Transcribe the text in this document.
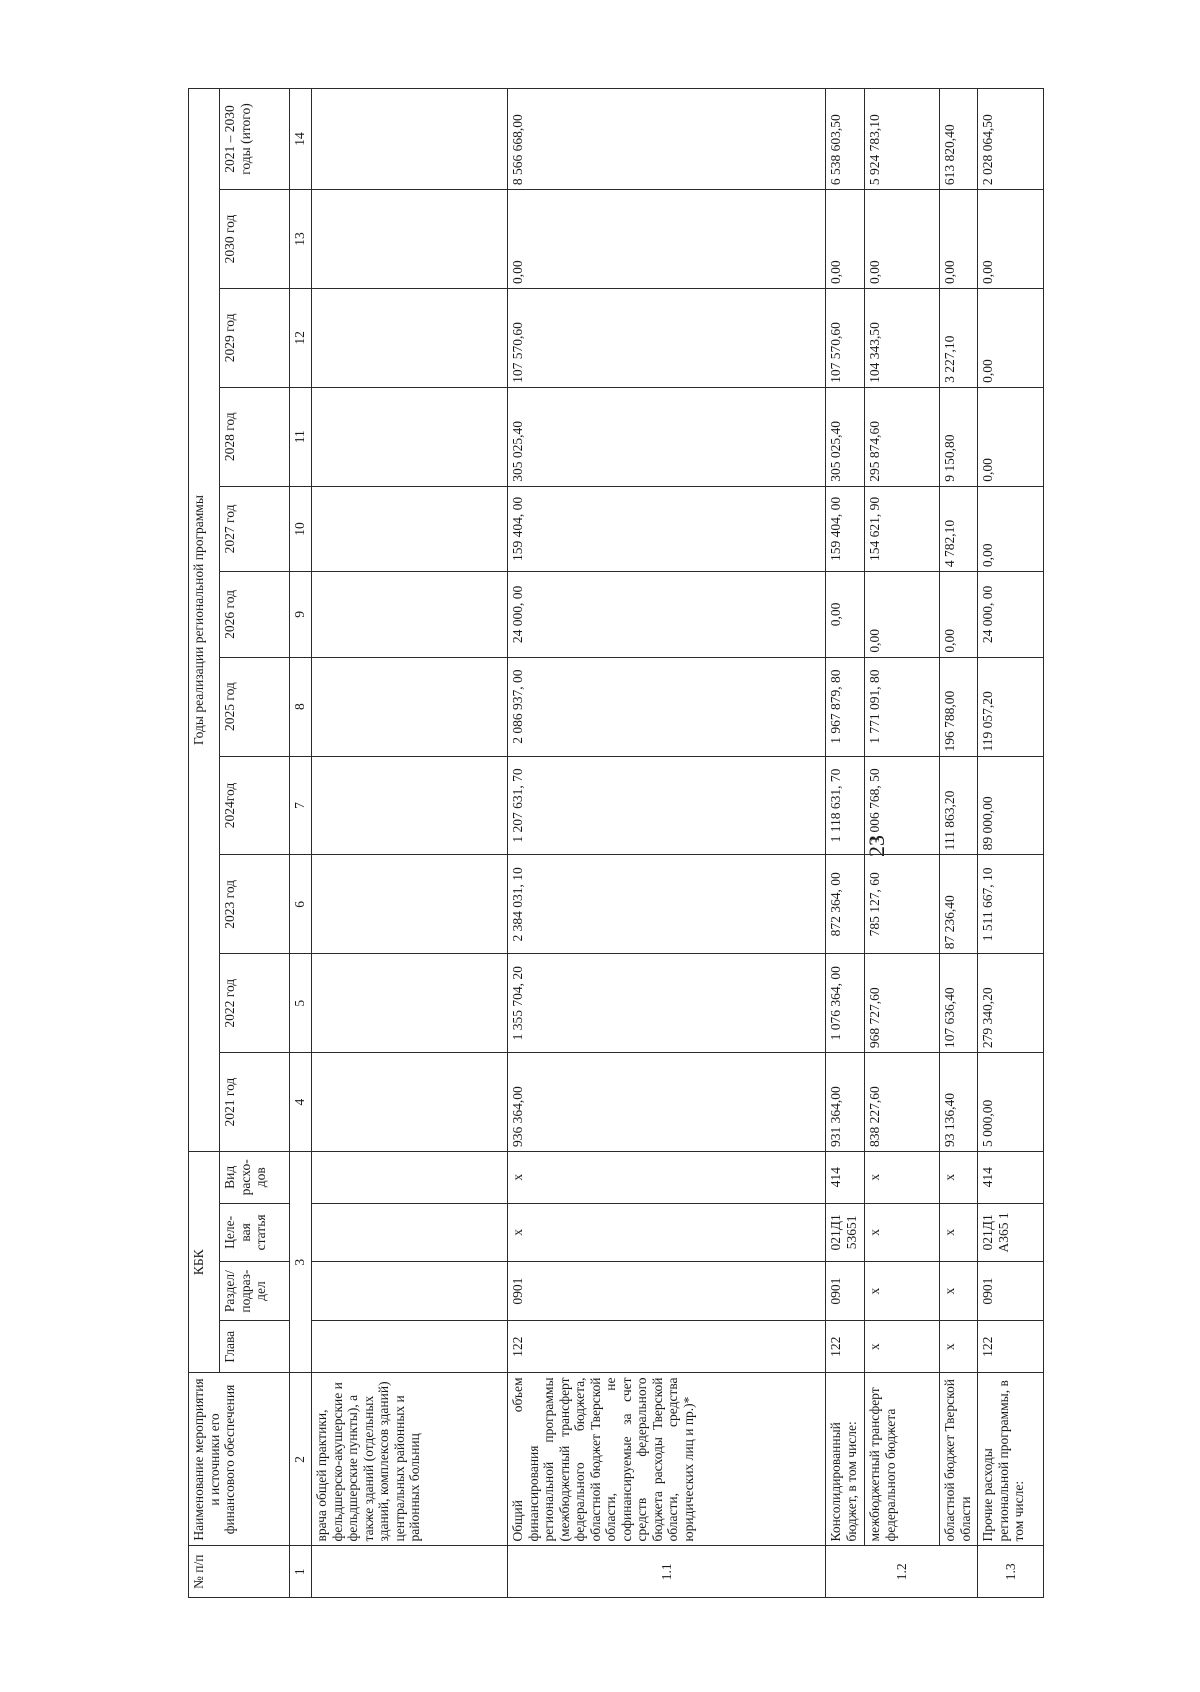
23
№ п/п	Наименование мероприятия и источники его финансового обеспечения	КБК				Годы реализации региональной программы										
		Глава	Раздел/ подраз- дел	Целе- вая статья	Вид расхо- дов	2021 год	2022 год	2023 год	2024год	2025 год	2026 год	2027 год	2028 год	2029 год	2030 год	2021 – 2030 годы (итого)
1	2	3				4	5	6	7	8	9	10	11	12	13	14
	врача общей практики, фельдшерско-акушерские и фельдшерские пункты), а также зданий (отдельных зданий, комплексов зданий) центральных районных и районных больниц															
1.1	Общий объем финансирования региональной программы (межбюджетный трансферт федерального бюджета, областной бюджет Тверской области, не софинансируемые за счет средств федерального бюджета расходы Тверской области, средства юридических лиц и пр.)*	122	0901	x	x	936 364,00	1 355 704, 20	2 384 031, 10	1 207 631, 70	2 086 937, 00	24 000, 00	159 404, 00	305 025,40	107 570,60	0,00	8 566 668,00
1.2	Консолидированный бюджет, в том числе:	122	0901	021Д1 53651	414	931 364,00	1 076 364, 00	872 364, 00	1 118 631, 70	1 967 879, 80	0,00	159 404, 00	305 025,40	107 570,60	0,00	6 538 603,50
	межбюджетный трансферт федерального бюджета	x	x	x	x	838 227,60	968 727,60	785 127, 60	1 006 768, 50	1 771 091, 80	0,00	154 621, 90	295 874,60	104 343,50	0,00	5 924 783,10
	областной бюджет Тверской области	x	x	x	x	93 136,40	107 636,40	87 236,40	111 863,20	196 788,00	0,00	4 782,10	9 150,80	3 227,10	0,00	613 820,40
1.3	Прочие расходы региональной программы, в том числе:	122	0901	021Д1 А365 1	414	5 000,00	279 340,20	1 511 667, 10	89 000,00	119 057,20	24 000, 00	0,00	0,00	0,00	0,00	2 028 064,50
